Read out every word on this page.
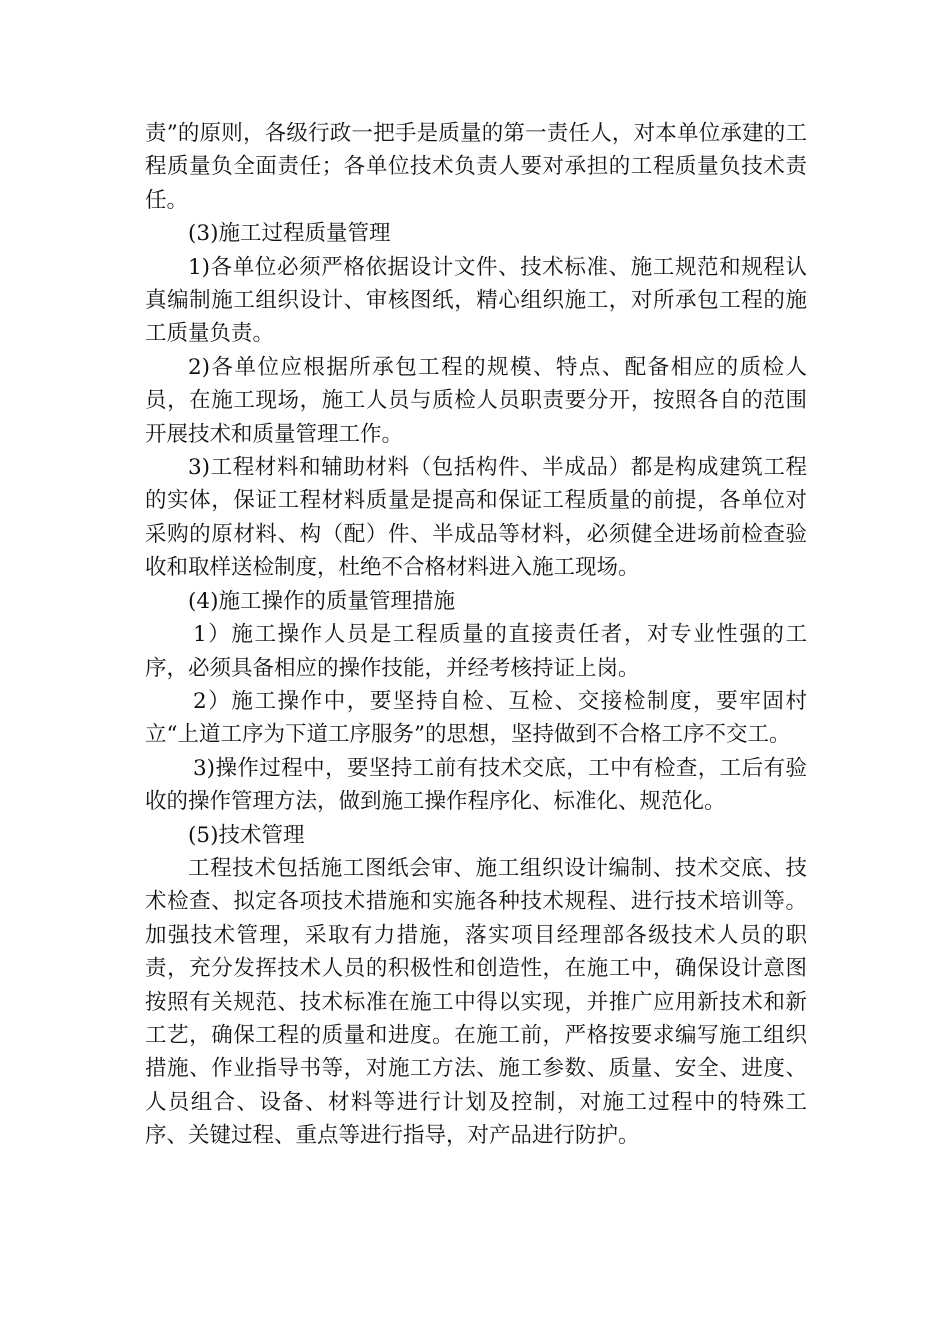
责”的原则，各级行政一把手是质量的第一责任人，对本单位承建的工程质量负全面责任；各单位技术负责人要对承担的工程质量负技术责任。

(3)施工过程质量管理

1)各单位必须严格依据设计文件、技术标准、施工规范和规程认真编制施工组织设计、审核图纸，精心组织施工，对所承包工程的施工质量负责。

2)各单位应根据所承包工程的规模、特点、配备相应的质检人员，在施工现场，施工人员与质检人员职责要分开，按照各自的范围开展技术和质量管理工作。

3)工程材料和辅助材料（包括构件、半成品）都是构成建筑工程的实体，保证工程材料质量是提高和保证工程质量的前提，各单位对采购的原材料、构（配）件、半成品等材料，必须健全进场前检查验收和取样送检制度，杜绝不合格材料进入施工现场。

(4)施工操作的质量管理措施

1）施工操作人员是工程质量的直接责任者，对专业性强的工序，必须具备相应的操作技能，并经考核持证上岗。

2）施工操作中，要坚持自检、互检、交接检制度，要牢固村立“上道工序为下道工序服务”的思想，坚持做到不合格工序不交工。

3)操作过程中，要坚持工前有技术交底，工中有检查，工后有验收的操作管理方法，做到施工操作程序化、标准化、规范化。

(5)技术管理

工程技术包括施工图纸会审、施工组织设计编制、技术交底、技术检查、拟定各项技术措施和实施各种技术规程、进行技术培训等。加强技术管理，采取有力措施，落实项目经理部各级技术人员的职责，充分发挥技术人员的积极性和创造性，在施工中，确保设计意图按照有关规范、技术标准在施工中得以实现，并推广应用新技术和新工艺，确保工程的质量和进度。在施工前，严格按要求编写施工组织措施、作业指导书等，对施工方法、施工参数、质量、安全、进度、人员组合、设备、材料等进行计划及控制，对施工过程中的特殊工序、关键过程、重点等进行指导，对产品进行防护。
